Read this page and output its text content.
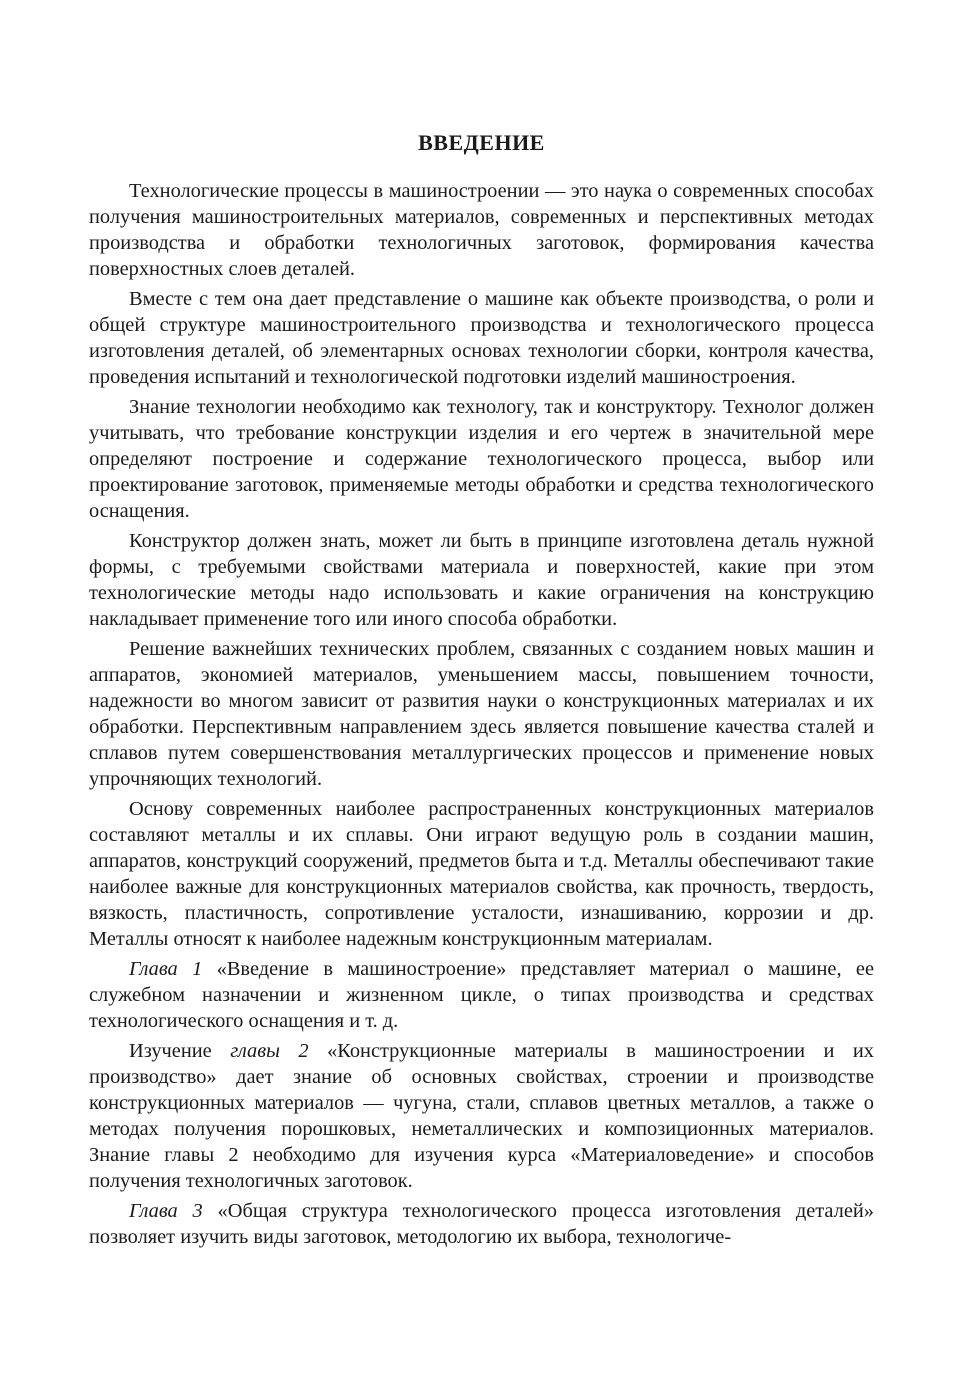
ВВЕДЕНИЕ

Технологические процессы в машиностроении — это наука о современных способах получения машиностроительных материалов, современных и перспективных методах производства и обработки технологичных заготовок, формирования качества поверхностных слоев деталей.

Вместе с тем она дает представление о машине как объекте производства, о роли и общей структуре машиностроительного производства и технологического процесса изготовления деталей, об элементарных основах технологии сборки, контроля качества, проведения испытаний и технологической подготовки изделий машиностроения.

Знание технологии необходимо как технологу, так и конструктору. Технолог должен учитывать, что требование конструкции изделия и его чертеж в значительной мере определяют построение и содержание технологического процесса, выбор или проектирование заготовок, применяемые методы обработки и средства технологического оснащения.

Конструктор должен знать, может ли быть в принципе изготовлена деталь нужной формы, с требуемыми свойствами материала и поверхностей, какие при этом технологические методы надо использовать и какие ограничения на конструкцию накладывает применение того или иного способа обработки.

Решение важнейших технических проблем, связанных с созданием новых машин и аппаратов, экономией материалов, уменьшением массы, повышением точности, надежности во многом зависит от развития науки о конструкционных материалах и их обработки. Перспективным направлением здесь является повышение качества сталей и сплавов путем совершенствования металлургических процессов и применение новых упрочняющих технологий.

Основу современных наиболее распространенных конструкционных материалов составляют металлы и их сплавы. Они играют ведущую роль в создании машин, аппаратов, конструкций сооружений, предметов быта и т.д. Металлы обеспечивают такие наиболее важные для конструкционных материалов свойства, как прочность, твердость, вязкость, пластичность, сопротивление усталости, изнашиванию, коррозии и др. Металлы относят к наиболее надежным конструкционным материалам.

Глава 1 «Введение в машиностроение» представляет материал о машине, ее служебном назначении и жизненном цикле, о типах производства и средствах технологического оснащения и т. д.

Изучение главы 2 «Конструкционные материалы в машиностроении и их производство» дает знание об основных свойствах, строении и производстве конструкционных материалов — чугуна, стали, сплавов цветных металлов, а также о методах получения порошковых, неметаллических и композиционных материалов. Знание главы 2 необходимо для изучения курса «Материаловедение» и способов получения технологичных заготовок.

Глава 3 «Общая структура технологического процесса изготовления деталей» позволяет изучить виды заготовок, методологию их выбора, технологиче-
